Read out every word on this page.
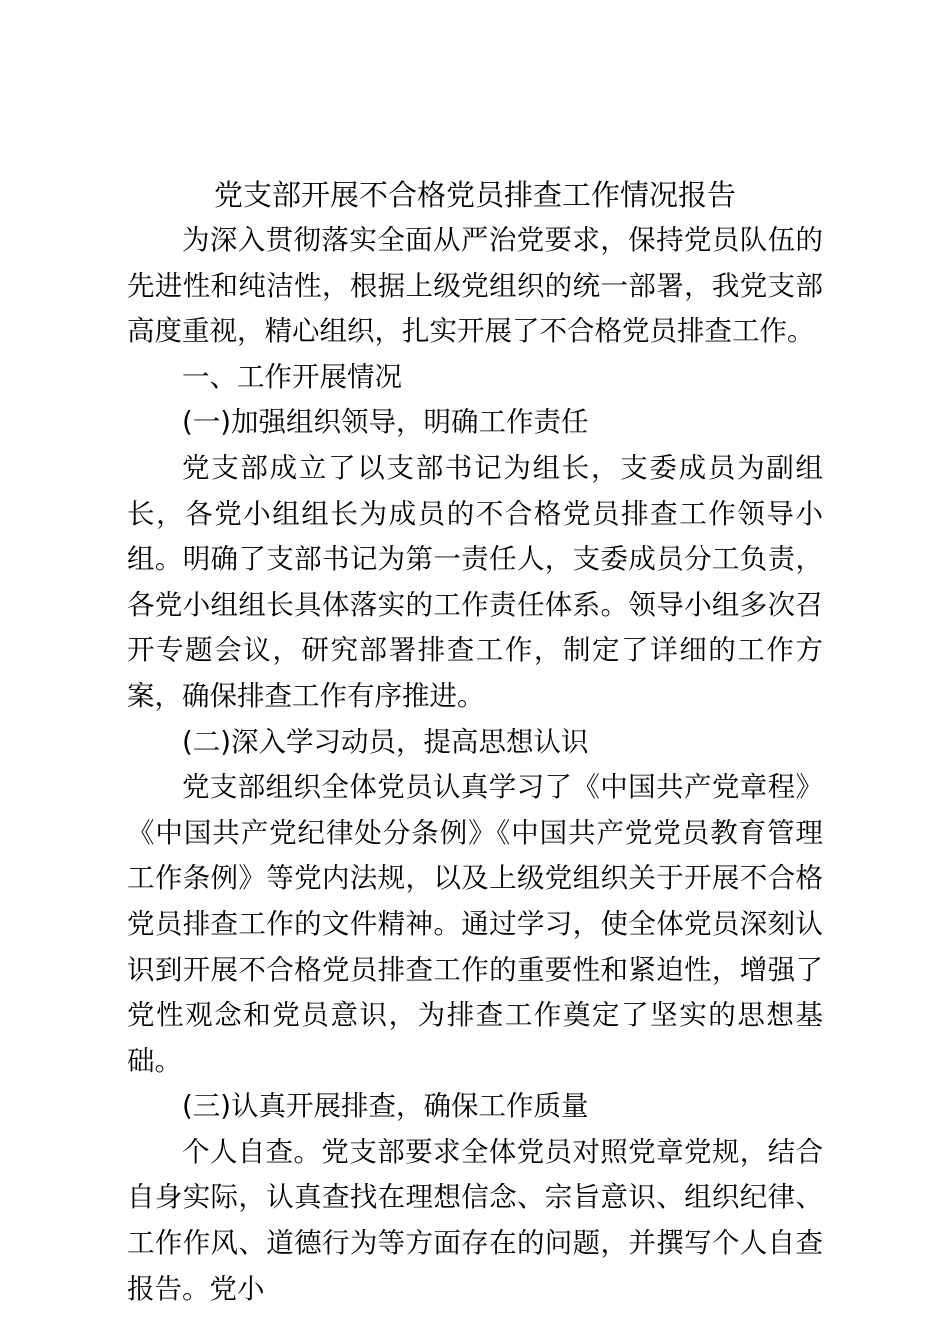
党支部开展不合格党员排查工作情况报告

为深入贯彻落实全面从严治党要求，保持党员队伍的先进性和纯洁性，根据上级党组织的统一部署，我党支部高度重视，精心组织，扎实开展了不合格党员排查工作。

一、工作开展情况

(一)加强组织领导，明确工作责任

党支部成立了以支部书记为组长，支委成员为副组长，各党小组组长为成员的不合格党员排查工作领导小组。明确了支部书记为第一责任人，支委成员分工负责，各党小组组长具体落实的工作责任体系。领导小组多次召开专题会议，研究部署排查工作，制定了详细的工作方案，确保排查工作有序推进。

(二)深入学习动员，提高思想认识

党支部组织全体党员认真学习了《中国共产党章程》《中国共产党纪律处分条例》《中国共产党党员教育管理工作条例》等党内法规，以及上级党组织关于开展不合格党员排查工作的文件精神。通过学习，使全体党员深刻认识到开展不合格党员排查工作的重要性和紧迫性，增强了党性观念和党员意识，为排查工作奠定了坚实的思想基础。

(三)认真开展排查，确保工作质量

个人自查。党支部要求全体党员对照党章党规，结合自身实际，认真查找在理想信念、宗旨意识、组织纪律、工作作风、道德行为等方面存在的问题，并撰写个人自查报告。党小
